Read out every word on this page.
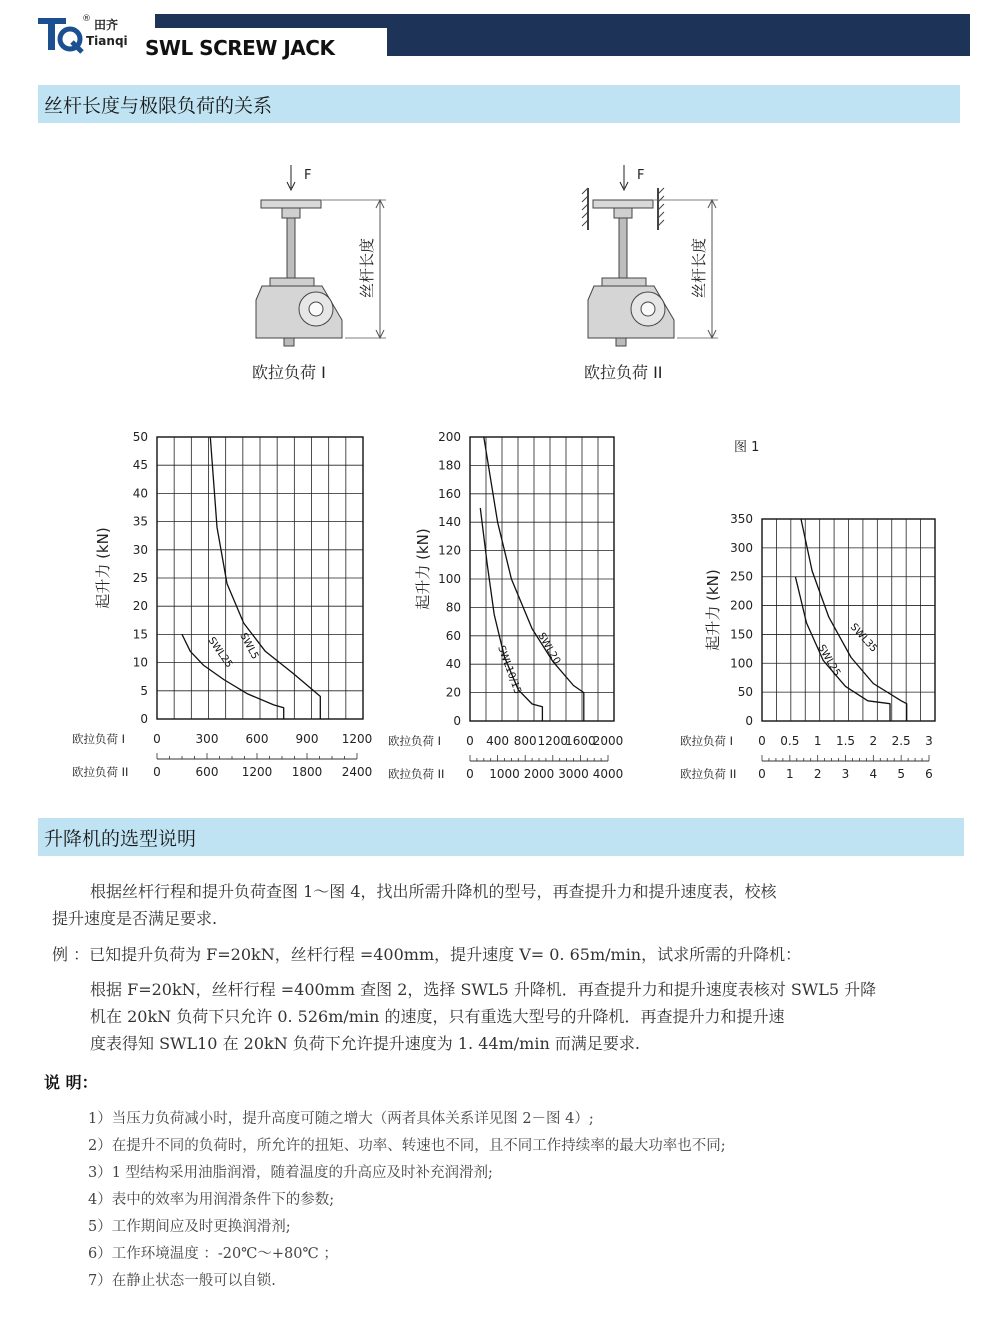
® 田齐
Tianqi SWL SCREW JACK
丝杆长度与极限负荷的关系
F
丝杆长度
F
丝杆长度
欧拉负荷 I	欧拉负荷 II
图 1
50
45
40
35
30
25
20
15
10
5
0
起升力 (kN)
欧拉负荷 I 0	300 600 900 1200
欧拉负荷 II 0	600 1200 1800 2400
SWL5
SWL25
200
180
160
140
120
100
80
60
40
20
0
起升力 (kN)
欧拉负荷 I 0 400 800 1200
1600
2000
欧拉负荷 II 0 1000 2000 3000 4000
SWL20
SWL10/15
350
300
250
200
150
100
50
0
起升力 (kN)
欧拉负荷 I 0 0.5 1 1.5 2 2.5 3
欧拉负荷 II 0 1 2 3 4 5 6
SWL35
SWL25
升降机的选型说明
根据丝杆行程和提升负荷查图 1～图 4，找出所需升降机的型号，再查提升力和提升速度表，校核
提升速度是否满足要求.
例 ：已知提升负荷为 F=20kN，丝杆行程 =400mm，提升速度 V= 0. 65m/min，试求所需的升降机：
根据 F=20kN，丝杆行程 =400mm 查图 2，选择 SWL5 升降机．再查提升力和提升速度表核对 SWL5 升降
机在 20kN 负荷下只允许 0. 526m/min 的速度，只有重选大型号的升降机．再查提升力和提升速
度表得知 SWL10 在 20kN 负荷下允许提升速度为 1. 44m/min 而满足要求.
说 明：
1）当压力负荷减小时，提升高度可随之增大（两者具体关系详见图 2－图 4）;
2）在提升不同的负荷时，所允许的扭矩、功率、转速也不同，且不同工作持续率的最大功率也不同;
3）1 型结构采用油脂润滑，随着温度的升高应及时补充润滑剂;
4）表中的效率为用润滑条件下的参数;
5）工作期间应及时更换润滑剂;
6）工作环境温度 ：-20℃～+80℃ ；
7）在静止状态一般可以自锁.
